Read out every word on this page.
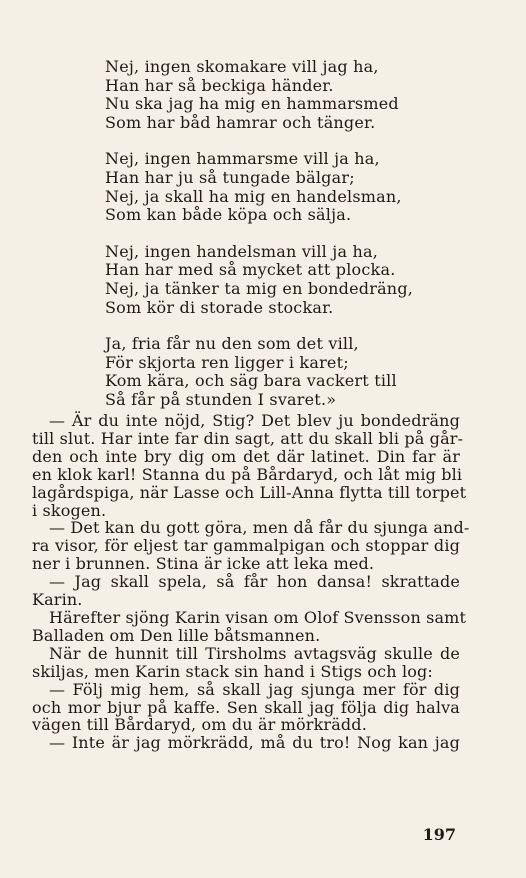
Nej, ingen skomakare vill jag ha,
Han har så beckiga händer.
Nu ska jag ha mig en hammarsmed
Som har båd hamrar och tänger.
Nej, ingen hammarsme vill ja ha,
Han har ju så tungade bälgar;
Nej, ja skall ha mig en handelsman,
Som kan både köpa och sälja.
Nej, ingen handelsman vill ja ha,
Han har med så mycket att plocka.
Nej, ja tänker ta mig en bondedräng,
Som kör di storade stockar.
Ja, fria får nu den som det vill,
För skjorta ren ligger i karet;
Kom kära, och säg bara vackert till
Så får på stunden I svaret.»
— Är du inte nöjd, Stig? Det blev ju bondedräng
till slut. Har inte far din sagt, att du skall bli på går-
den och inte bry dig om det där latinet. Din far är
en klok karl! Stanna du på Bårdaryd, och låt mig bli
lagårdspiga, när Lasse och Lill-Anna flytta till torpet
i skogen.
— Det kan du gott göra, men då får du sjunga and-
ra visor, för eljest tar gammalpigan och stoppar dig
ner i brunnen. Stina är icke att leka med.
— Jag skall spela, så får hon dansa! skrattade
Karin.
Härefter sjöng Karin visan om Olof Svensson samt
Balladen om Den lille båtsmannen.
När de hunnit till Tirsholms avtagsväg skulle de
skiljas, men Karin stack sin hand i Stigs och log:
— Följ mig hem, så skall jag sjunga mer för dig
och mor bjur på kaffe. Sen skall jag följa dig halva
vägen till Bårdaryd, om du är mörkrädd.
— Inte är jag mörkrädd, må du tro! Nog kan jag
197
